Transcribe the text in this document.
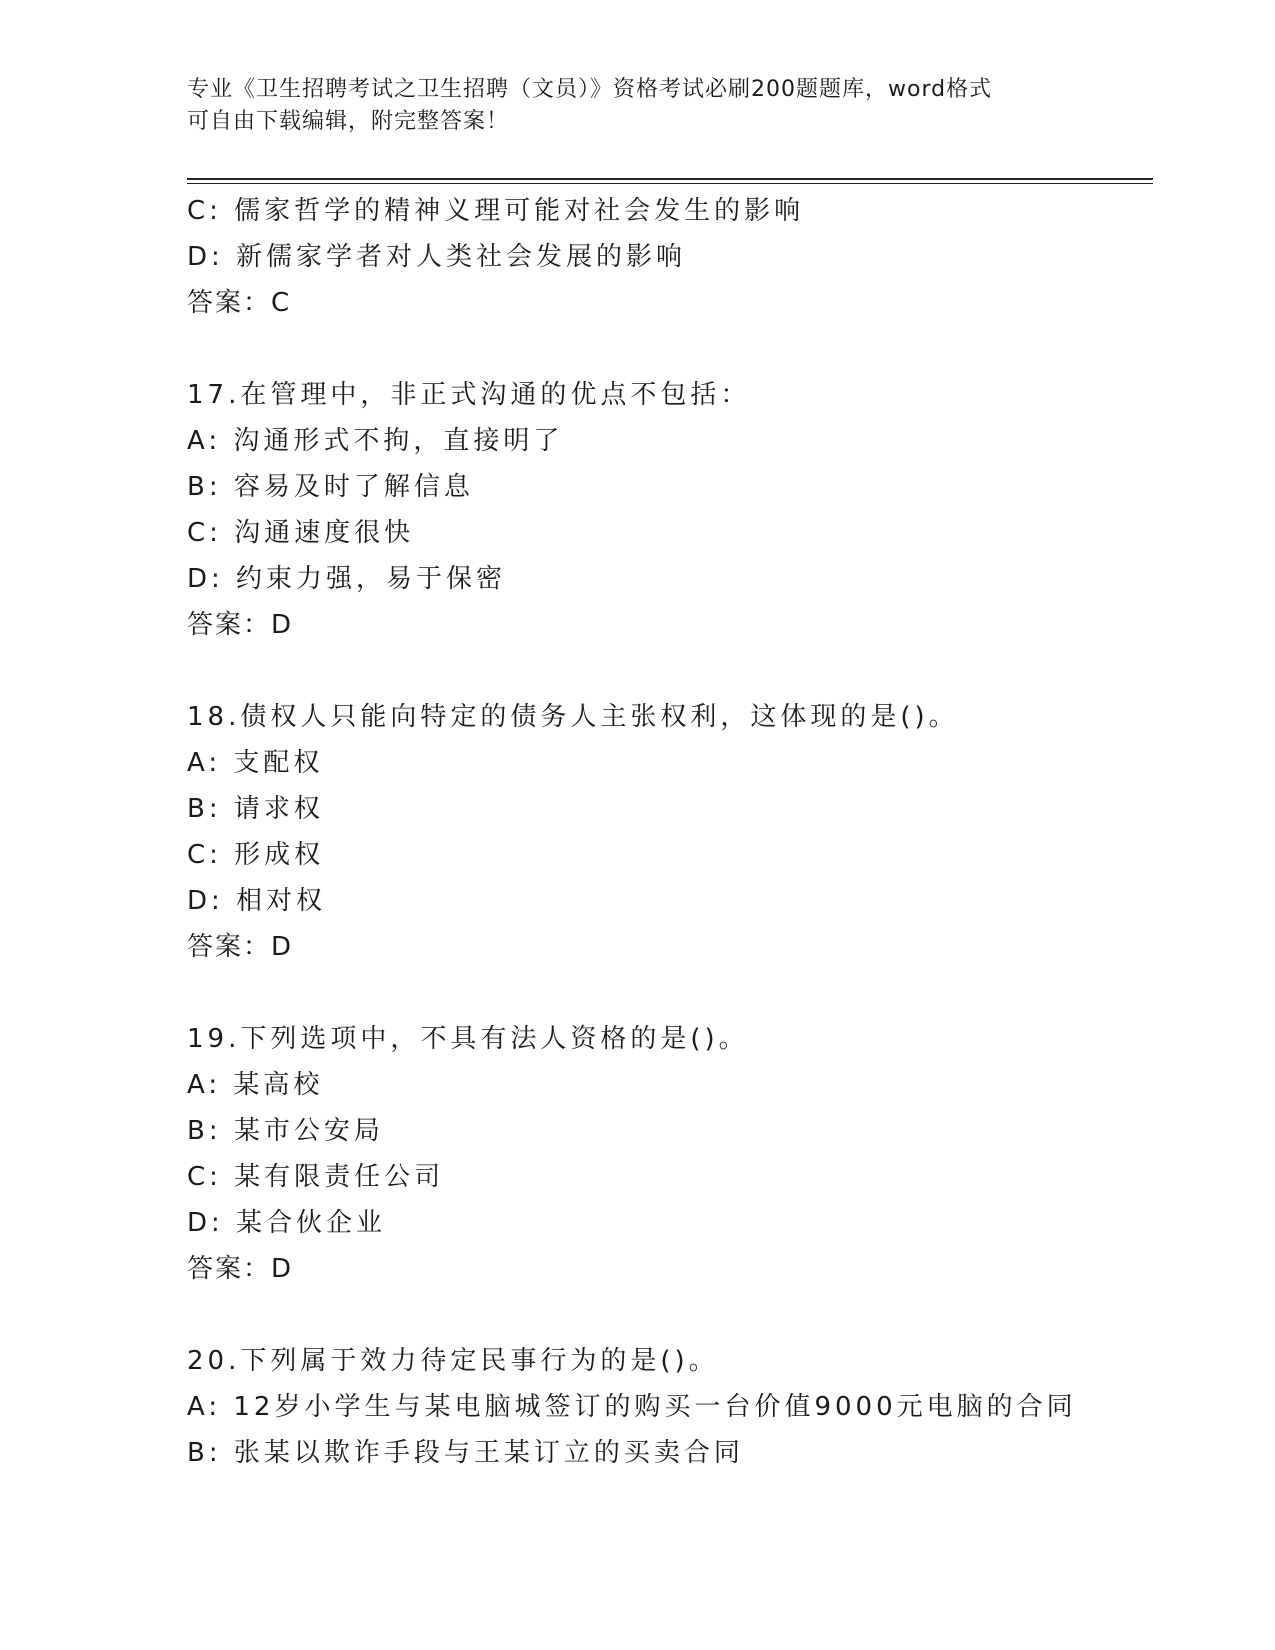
专业《卫生招聘考试之卫生招聘（文员）》资格考试必刷200题题库，word格式
可自由下载编辑，附完整答案！
C: 儒家哲学的精神义理可能对社会发生的影响
D: 新儒家学者对人类社会发展的影响
答案：C
17.在管理中，非正式沟通的优点不包括：
A: 沟通形式不拘，直接明了
B: 容易及时了解信息
C: 沟通速度很快
D: 约束力强，易于保密
答案：D
18.债权人只能向特定的债务人主张权利，这体现的是()。
A: 支配权
B: 请求权
C: 形成权
D: 相对权
答案：D
19.下列选项中，不具有法人资格的是()。
A: 某高校
B: 某市公安局
C: 某有限责任公司
D: 某合伙企业
答案：D
20.下列属于效力待定民事行为的是()。
A: 12岁小学生与某电脑城签订的购买一台价值9000元电脑的合同
B: 张某以欺诈手段与王某订立的买卖合同
